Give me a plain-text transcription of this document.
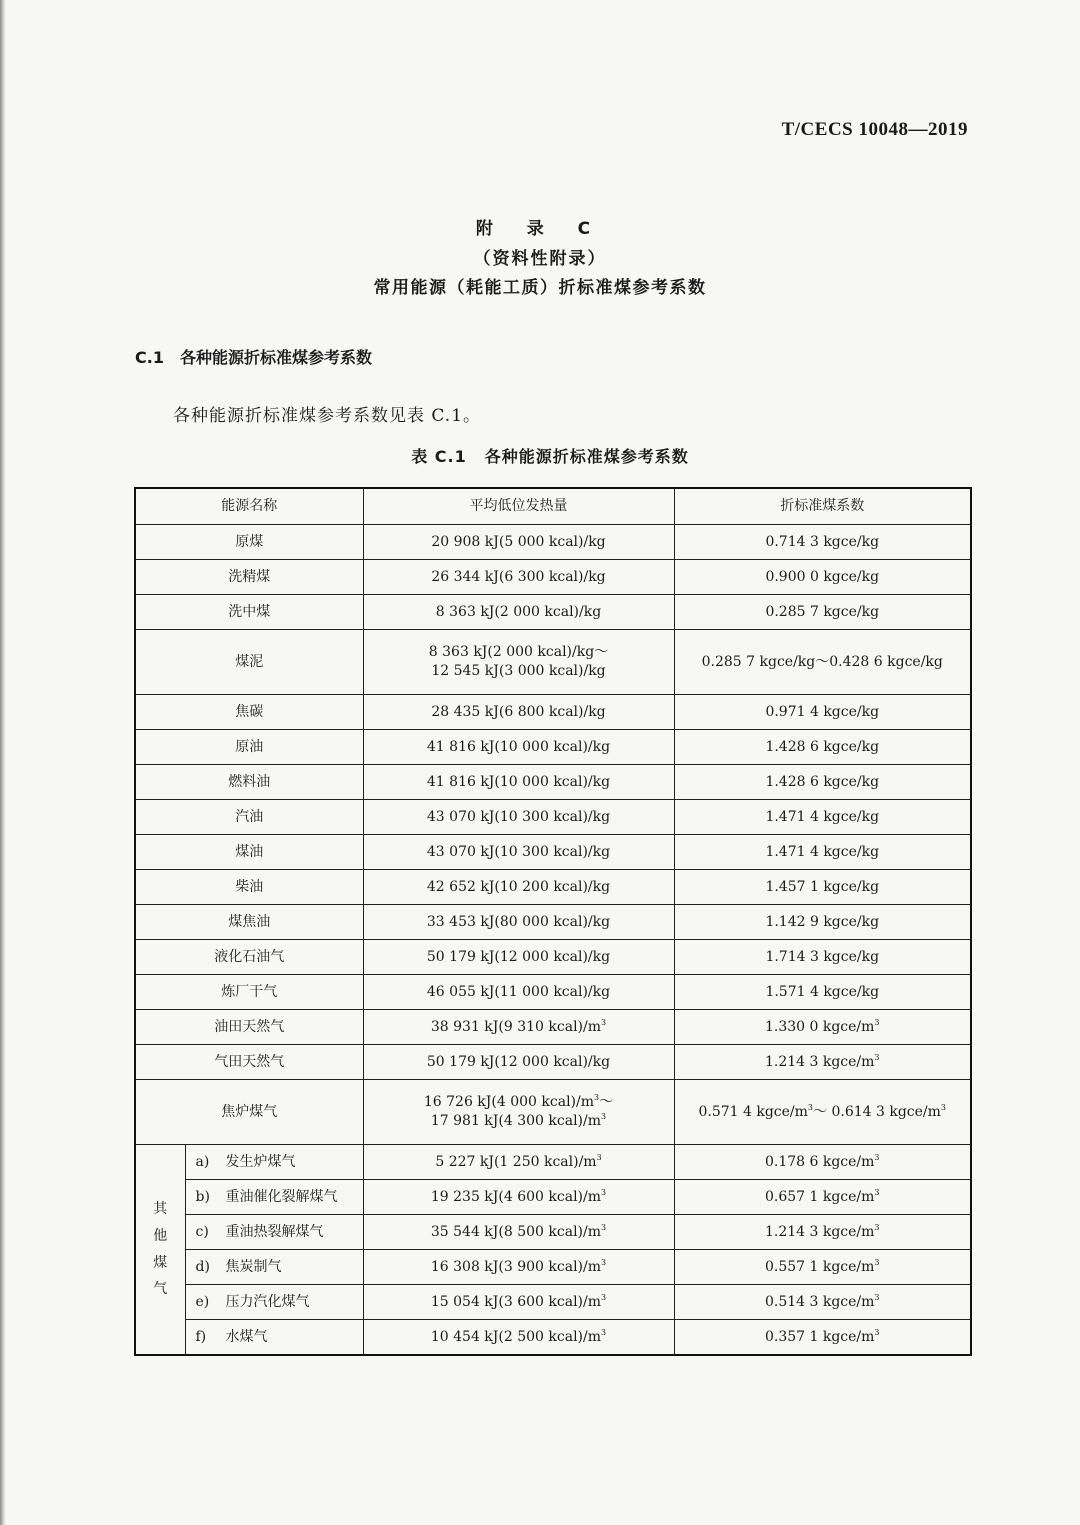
T/CECS 10048—2019
附 录 C
（资料性附录）
常用能源（耗能工质）折标准煤参考系数
C.1 各种能源折标准煤参考系数
各种能源折标准煤参考系数见表 C.1。
表 C.1 各种能源折标准煤参考系数
能源名称		平均低位发热量	折标准煤系数
原煤		20 908 kJ(5 000 kcal)/kg	0.714 3 kgce/kg
洗精煤		26 344 kJ(6 300 kcal)/kg	0.900 0 kgce/kg
洗中煤		8 363 kJ(2 000 kcal)/kg	0.285 7 kgce/kg
煤泥		8 363 kJ(2 000 kcal)/kg～
12 545 kJ(3 000 kcal)/kg	0.285 7 kgce/kg～0.428 6 kgce/kg
焦碳		28 435 kJ(6 800 kcal)/kg	0.971 4 kgce/kg
原油		41 816 kJ(10 000 kcal)/kg	1.428 6 kgce/kg
燃料油		41 816 kJ(10 000 kcal)/kg	1.428 6 kgce/kg
汽油		43 070 kJ(10 300 kcal)/kg	1.471 4 kgce/kg
煤油		43 070 kJ(10 300 kcal)/kg	1.471 4 kgce/kg
柴油		42 652 kJ(10 200 kcal)/kg	1.457 1 kgce/kg
煤焦油		33 453 kJ(80 000 kcal)/kg	1.142 9 kgce/kg
液化石油气		50 179 kJ(12 000 kcal)/kg	1.714 3 kgce/kg
炼厂干气		46 055 kJ(11 000 kcal)/kg	1.571 4 kgce/kg
油田天然气		38 931 kJ(9 310 $kcal)/m^3$	1.330 0 kgce/$m^3$
气田天然气		50 179 kJ(12 000 kcal)/kg	1.214 3 kgce/$m^3$
焦炉煤气		16 726 kJ(4 000 $kcal)/m^3\sim$
17 981 kJ(4 300 $kcal)/m^3$	0.571 4 kgce/$m^3\sim$ 0.614 3 kgce/$m^3$
其
他
煤
气	a) 发生炉煤气	5 227 kJ(1 250 $kcal)/m^3$	0.178 6 kgce/$m^3$
	b) 重油催化裂解煤气	19 235 kJ(4 600 $kcal)/m^3$	0.657 1 kgce/$m^3$
	c) 重油热裂解煤气	35 544 kJ(8 500 $kcal)/m^3$	1.214 3 kgce/$m^3$
	d) 焦炭制气	16 308 kJ(3 900 $kcal)/m^3$	0.557 1 kgce/$m^3$
	e) 压力汽化煤气	15 054 kJ(3 600 $kcal)/m^3$	0.514 3 kgce/$m^3$
	f) 水煤气	10 454 kJ(2 500 $kcal)/m^3$	0.357 1 kgce/$m^3$
